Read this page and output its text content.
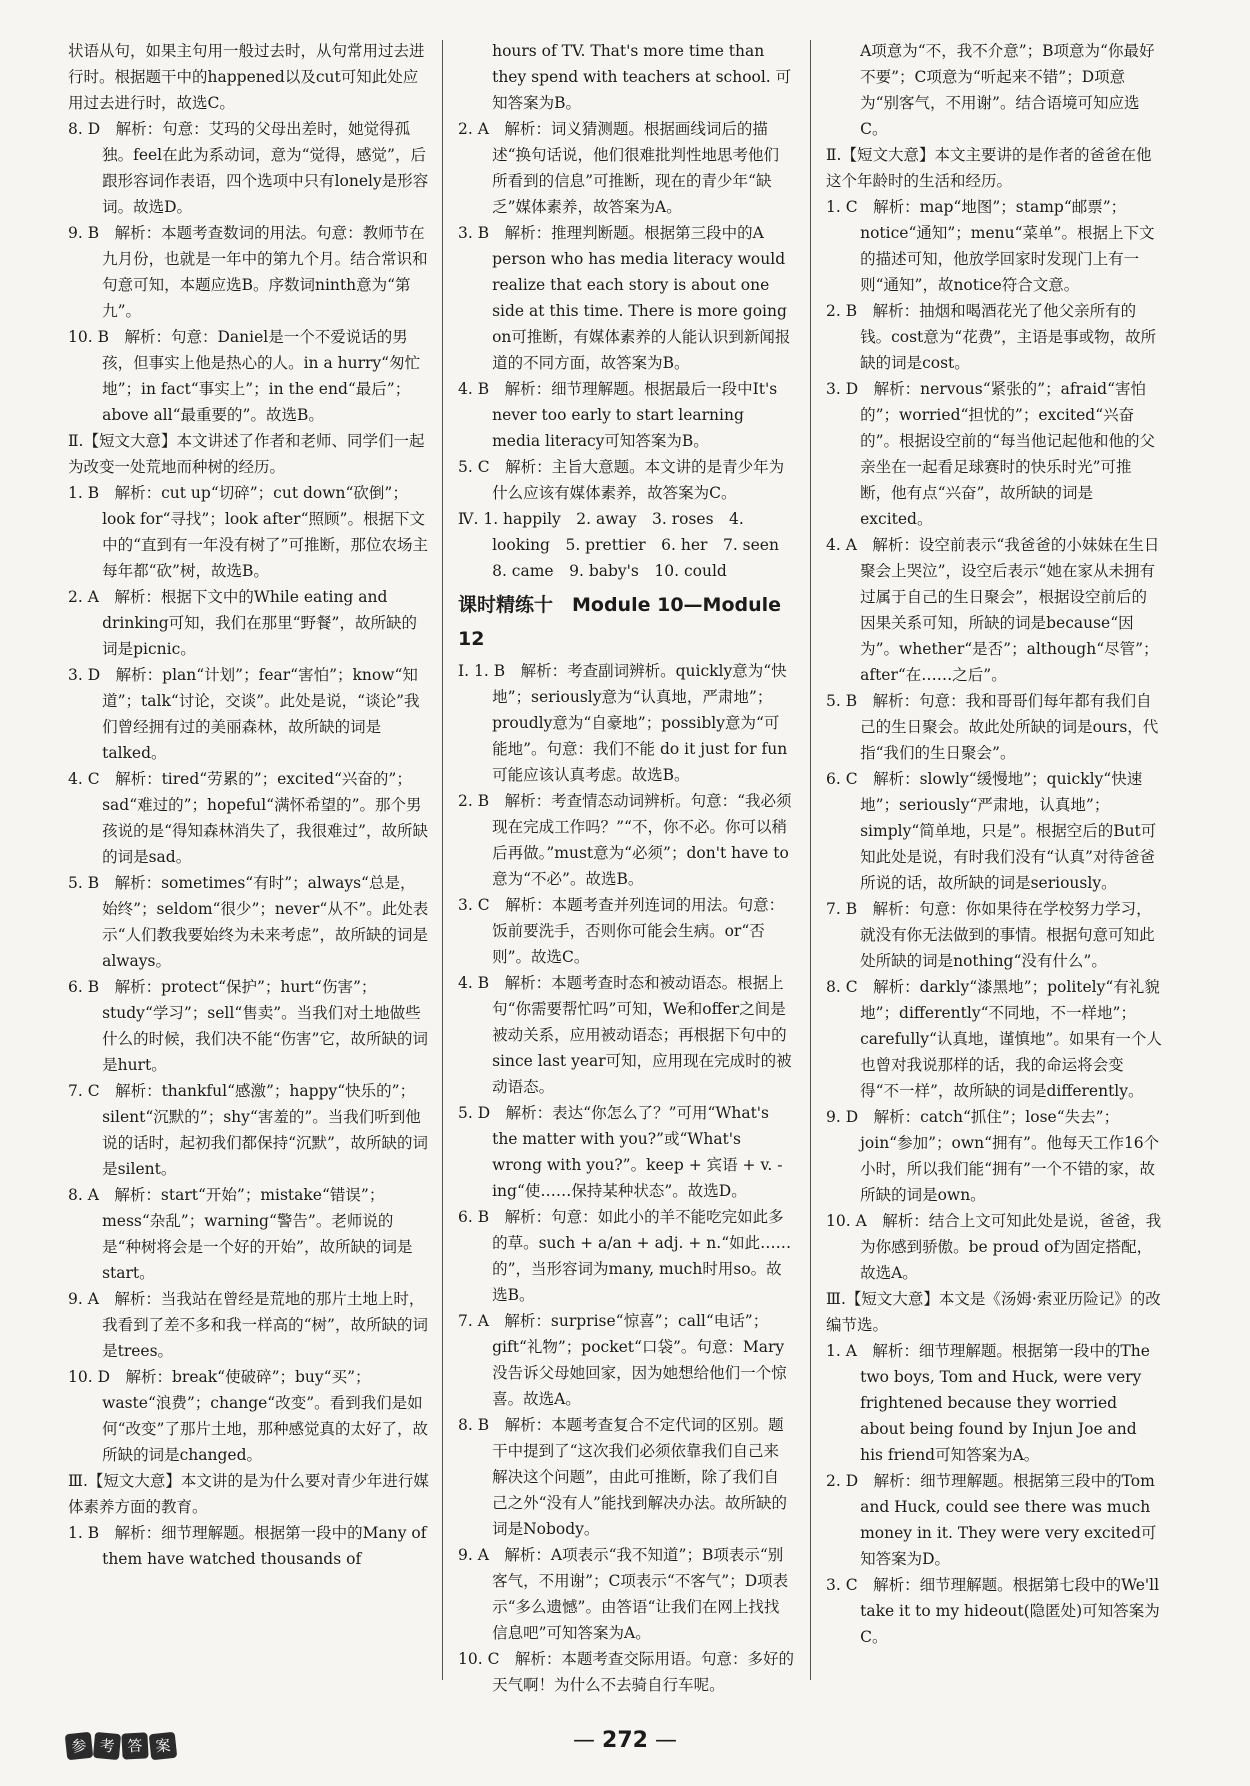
状语从句，如果主句用一般过去时，从句常用过去进行时。根据题干中的happened以及cut可知此处应用过去进行时，故选C。

8. D　解析：句意：艾玛的父母出差时，她觉得孤独。feel在此为系动词，意为“觉得，感觉”，后跟形容词作表语，四个选项中只有lonely是形容词。故选D。

9. B　解析：本题考查数词的用法。句意：教师节在九月份，也就是一年中的第九个月。结合常识和句意可知，本题应选B。序数词ninth意为“第九”。

10. B　解析：句意：Daniel是一个不爱说话的男孩，但事实上他是热心的人。in a hurry“匆忙地”；in fact“事实上”；in the end“最后”；above all“最重要的”。故选B。

Ⅱ.【短文大意】本文讲述了作者和老师、同学们一起为改变一处荒地而种树的经历。

1. B　解析：cut up“切碎”；cut down“砍倒”；look for“寻找”；look after“照顾”。根据下文中的“直到有一年没有树了”可推断，那位农场主每年都“砍”树，故选B。

2. A　解析：根据下文中的While eating and drinking可知，我们在那里“野餐”，故所缺的词是picnic。

3. D　解析：plan“计划”；fear“害怕”；know“知道”；talk“讨论，交谈”。此处是说，“谈论”我们曾经拥有过的美丽森林，故所缺的词是talked。

4. C　解析：tired“劳累的”；excited“兴奋的”；sad“难过的”；hopeful“满怀希望的”。那个男孩说的是“得知森林消失了，我很难过”，故所缺的词是sad。

5. B　解析：sometimes“有时”；always“总是，始终”；seldom“很少”；never“从不”。此处表示“人们教我要始终为未来考虑”，故所缺的词是always。

6. B　解析：protect“保护”；hurt“伤害”；study“学习”；sell“售卖”。当我们对土地做些什么的时候，我们决不能“伤害”它，故所缺的词是hurt。

7. C　解析：thankful“感激”；happy“快乐的”；silent“沉默的”；shy“害羞的”。当我们听到他说的话时，起初我们都保持“沉默”，故所缺的词是silent。

8. A　解析：start“开始”；mistake“错误”；mess“杂乱”；warning“警告”。老师说的是“种树将会是一个好的开始”，故所缺的词是start。

9. A　解析：当我站在曾经是荒地的那片土地上时，我看到了差不多和我一样高的“树”，故所缺的词是trees。

10. D　解析：break“使破碎”；buy“买”；waste“浪费”；change“改变”。看到我们是如何“改变”了那片土地，那种感觉真的太好了，故所缺的词是changed。

Ⅲ.【短文大意】本文讲的是为什么要对青少年进行媒体素养方面的教育。

1. B　解析：细节理解题。根据第一段中的Many of them have watched thousands of

hours of TV. That's more time than they spend with teachers at school. 可知答案为B。

2. A　解析：词义猜测题。根据画线词后的描述“换句话说，他们很难批判性地思考他们所看到的信息”可推断，现在的青少年“缺乏”媒体素养，故答案为A。

3. B　解析：推理判断题。根据第三段中的A person who has media literacy would realize that each story is about one side at this time. There is more going on可推断，有媒体素养的人能认识到新闻报道的不同方面，故答案为B。

4. B　解析：细节理解题。根据最后一段中It's never too early to start learning media literacy可知答案为B。

5. C　解析：主旨大意题。本文讲的是青少年为什么应该有媒体素养，故答案为C。

Ⅳ. 1. happily　2. away　3. roses　4. looking　5. prettier　6. her　7. seen　8. came　9. baby's　10. could

课时精练十　Module 10—Module 12

Ⅰ. 1. B　解析：考查副词辨析。quickly意为“快地”；seriously意为“认真地，严肃地”；proudly意为“自豪地”；possibly意为“可能地”。句意：我们不能 do it just for fun 可能应该认真考虑。故选B。

2. B　解析：考查情态动词辨析。句意：“我必须现在完成工作吗？”“不，你不必。你可以稍后再做。”must意为“必须”；don't have to意为“不必”。故选B。

3. C　解析：本题考查并列连词的用法。句意：饭前要洗手，否则你可能会生病。or“否则”。故选C。

4. B　解析：本题考查时态和被动语态。根据上句“你需要帮忙吗”可知，We和offer之间是被动关系，应用被动语态；再根据下句中的since last year可知，应用现在完成时的被动语态。

5. D　解析：表达“你怎么了？”可用“What's the matter with you?”或“What's wrong with you?”。keep + 宾语 + v. -ing“使……保持某种状态”。故选D。

6. B　解析：句意：如此小的羊不能吃完如此多的草。such + a/an + adj. + n.“如此……的”，当形容词为many, much时用so。故选B。

7. A　解析：surprise“惊喜”；call“电话”；gift“礼物”；pocket“口袋”。句意：Mary没告诉父母她回家，因为她想给他们一个惊喜。故选A。

8. B　解析：本题考查复合不定代词的区别。题干中提到了“这次我们必须依靠我们自己来解决这个问题”，由此可推断，除了我们自己之外“没有人”能找到解决办法。故所缺的词是Nobody。

9. A　解析：A项表示“我不知道”；B项表示“别客气，不用谢”；C项表示“不客气”；D项表示“多么遗憾”。由答语“让我们在网上找找信息吧”可知答案为A。

10. C　解析：本题考查交际用语。句意：多好的天气啊！为什么不去骑自行车呢。

A项意为“不，我不介意”；B项意为“你最好不要”；C项意为“听起来不错”；D项意为“别客气，不用谢”。结合语境可知应选C。

Ⅱ.【短文大意】本文主要讲的是作者的爸爸在他这个年龄时的生活和经历。

1. C　解析：map“地图”；stamp“邮票”；notice“通知”；menu“菜单”。根据上下文的描述可知，他放学回家时发现门上有一则“通知”，故notice符合文意。

2. B　解析：抽烟和喝酒花光了他父亲所有的钱。cost意为“花费”，主语是事或物，故所缺的词是cost。

3. D　解析：nervous“紧张的”；afraid“害怕的”；worried“担忧的”；excited“兴奋的”。根据设空前的“每当他记起他和他的父亲坐在一起看足球赛时的快乐时光”可推断，他有点“兴奋”，故所缺的词是excited。

4. A　解析：设空前表示“我爸爸的小妹妹在生日聚会上哭泣”，设空后表示“她在家从未拥有过属于自己的生日聚会”，根据设空前后的因果关系可知，所缺的词是because“因为”。whether“是否”；although“尽管”；after“在……之后”。

5. B　解析：句意：我和哥哥们每年都有我们自己的生日聚会。故此处所缺的词是ours，代指“我们的生日聚会”。

6. C　解析：slowly“缓慢地”；quickly“快速地”；seriously“严肃地，认真地”；simply“简单地，只是”。根据空后的But可知此处是说，有时我们没有“认真”对待爸爸所说的话，故所缺的词是seriously。

7. B　解析：句意：你如果待在学校努力学习，就没有你无法做到的事情。根据句意可知此处所缺的词是nothing“没有什么”。

8. C　解析：darkly“漆黑地”；politely“有礼貌地”；differently“不同地，不一样地”；carefully“认真地，谨慎地”。如果有一个人也曾对我说那样的话，我的命运将会变得“不一样”，故所缺的词是differently。

9. D　解析：catch“抓住”；lose“失去”；join“参加”；own“拥有”。他每天工作16个小时，所以我们能“拥有”一个不错的家，故所缺的词是own。

10. A　解析：结合上文可知此处是说，爸爸，我为你感到骄傲。be proud of为固定搭配，故选A。

Ⅲ.【短文大意】本文是《汤姆·索亚历险记》的改编节选。

1. A　解析：细节理解题。根据第一段中的The two boys, Tom and Huck, were very frightened because they worried about being found by Injun Joe and his friend可知答案为A。

2. D　解析：细节理解题。根据第三段中的Tom and Huck, could see there was much money in it. They were very excited可知答案为D。

3. C　解析：细节理解题。根据第七段中的We'll take it to my hideout(隐匿处)可知答案为C。

参 考 答 案	— 272 —
